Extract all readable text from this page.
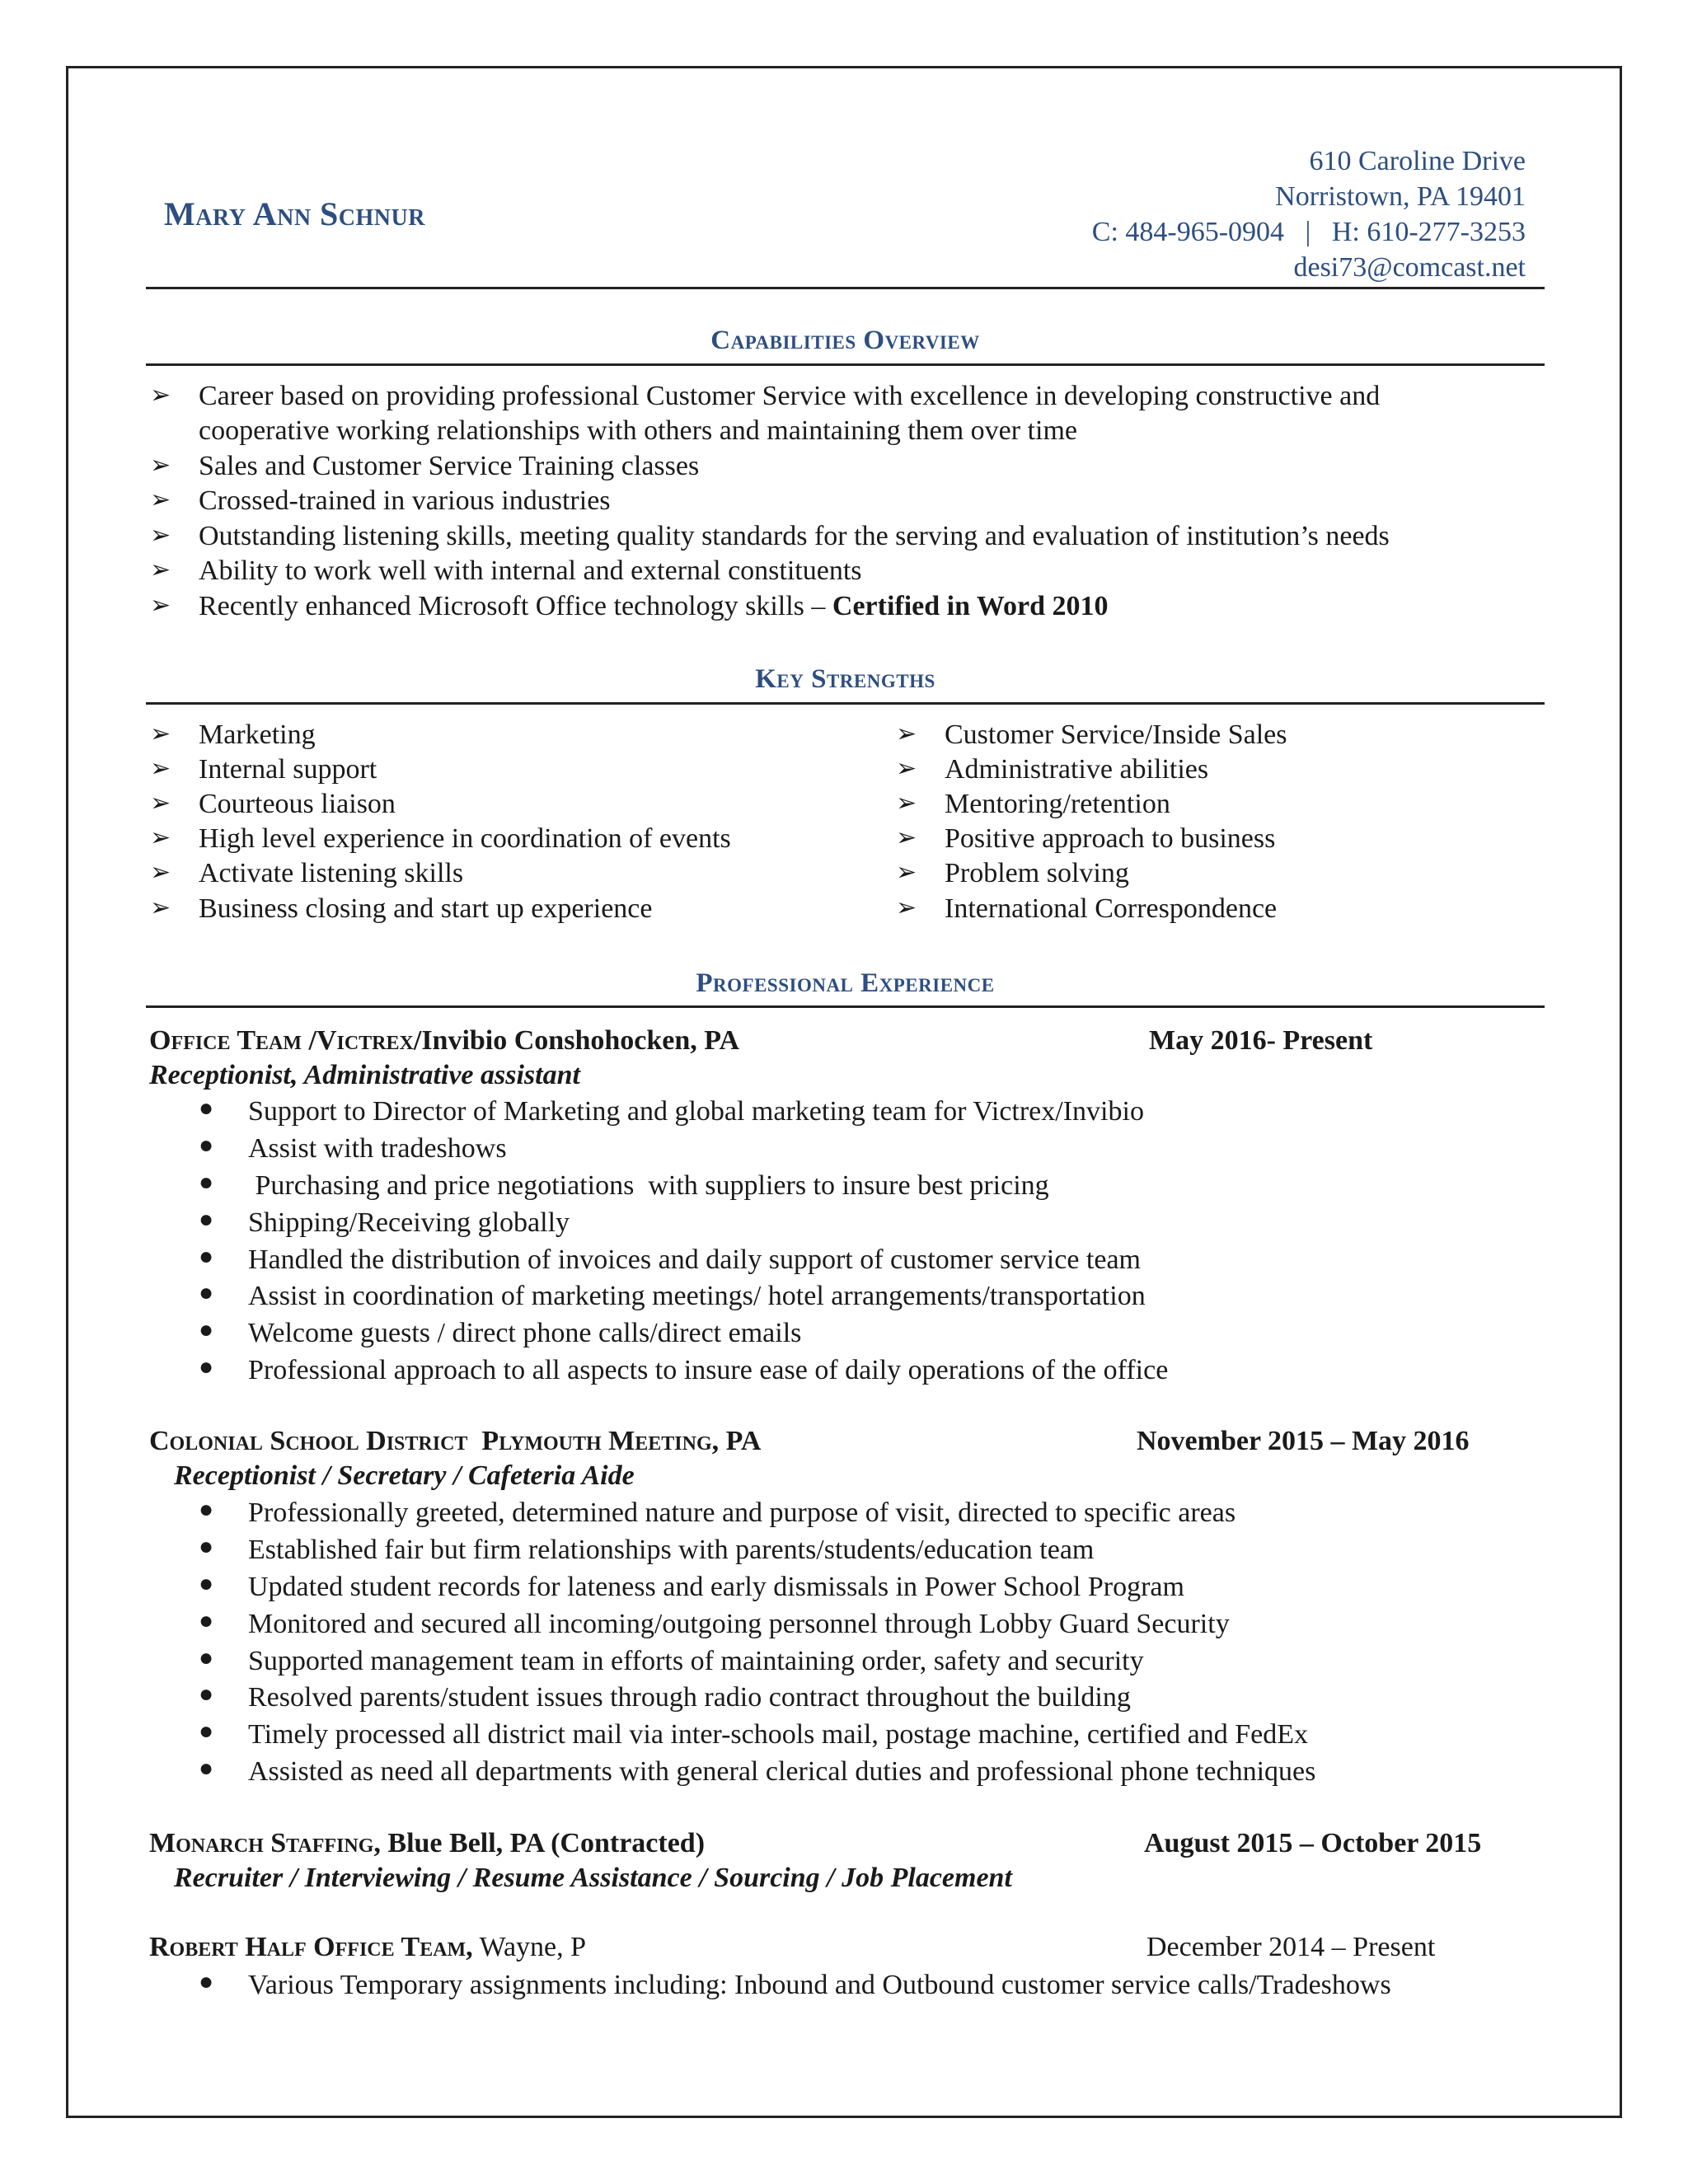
Mary Ann Schnur
610 Caroline Drive
Norristown, PA 19401
C: 484-965-0904   |   H: 610-277-3253
desi73@comcast.net
Capabilities Overview
➢ Career based on providing professional Customer Service with excellence in developing constructive and
cooperative working relationships with others and maintaining them over time
➢ Sales and Customer Service Training classes
➢ Crossed-trained in various industries
➢ Outstanding listening skills, meeting quality standards for the serving and evaluation of institution’s needs
➢ Ability to work well with internal and external constituents
➢ Recently enhanced Microsoft Office technology skills – Certified in Word 2010
Key Strengths
➢ Marketing
➢ Internal support
➢ Courteous liaison
➢ High level experience in coordination of events
➢ Activate listening skills
➢ Business closing and start up experience
➢ Customer Service/Inside Sales
➢ Administrative abilities
➢ Mentoring/retention
➢ Positive approach to business
➢ Problem solving
➢ International Correspondence
Professional Experience
Office Team /Victrex/Invibio Conshohocken, PA	May 2016- Present
Receptionist, Administrative assistant
● Support to Director of Marketing and global marketing team for Victrex/Invibio
● Assist with tradeshows
● Purchasing and price negotiations  with suppliers to insure best pricing
● Shipping/Receiving globally
● Handled the distribution of invoices and daily support of customer service team
● Assist in coordination of marketing meetings/ hotel arrangements/transportation
● Welcome guests / direct phone calls/direct emails
● Professional approach to all aspects to insure ease of daily operations of the office
Colonial School District  Plymouth Meeting, PA	November 2015 – May 2016
Receptionist / Secretary / Cafeteria Aide
● Professionally greeted, determined nature and purpose of visit, directed to specific areas
● Established fair but firm relationships with parents/students/education team
● Updated student records for lateness and early dismissals in Power School Program
● Monitored and secured all incoming/outgoing personnel through Lobby Guard Security
● Supported management team in efforts of maintaining order, safety and security
● Resolved parents/student issues through radio contract throughout the building
● Timely processed all district mail via inter-schools mail, postage machine, certified and FedEx
● Assisted as need all departments with general clerical duties and professional phone techniques
Monarch Staffing, Blue Bell, PA (Contracted)	August 2015 – October 2015
Recruiter / Interviewing / Resume Assistance / Sourcing / Job Placement
Robert Half Office Team, Wayne, P	December 2014 – Present
● Various Temporary assignments including: Inbound and Outbound customer service calls/Tradeshows
